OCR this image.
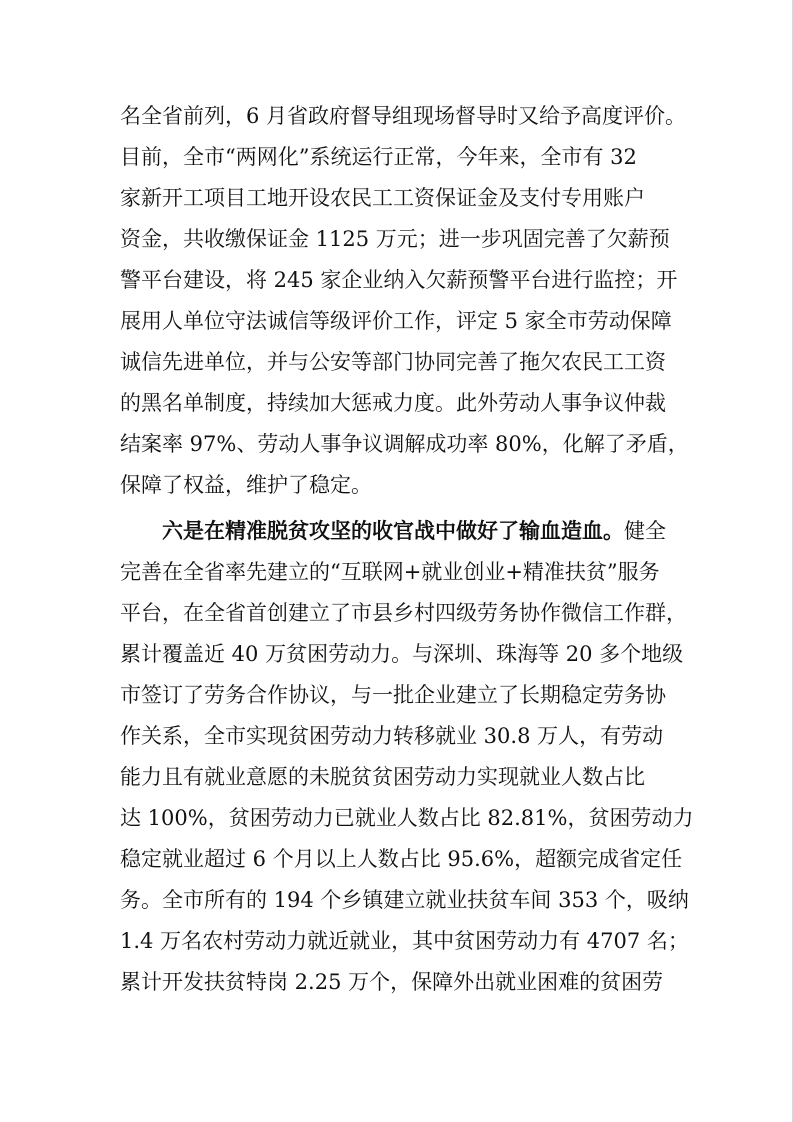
名全省前列，6 月省政府督导组现场督导时又给予高度评价。
目前，全市“两网化”系统运行正常，今年来，全市有 32
家新开工项目工地开设农民工工资保证金及支付专用账户
资金，共收缴保证金 1125 万元；进一步巩固完善了欠薪预
警平台建设，将 245 家企业纳入欠薪预警平台进行监控；开
展用人单位守法诚信等级评价工作，评定 5 家全市劳动保障
诚信先进单位，并与公安等部门协同完善了拖欠农民工工资
的黑名单制度，持续加大惩戒力度。此外劳动人事争议仲裁
结案率 97%、劳动人事争议调解成功率 80%，化解了矛盾，
保障了权益，维护了稳定。
六是在精准脱贫攻坚的收官战中做好了输血造血。健全
完善在全省率先建立的“互联网+就业创业+精准扶贫”服务
平台，在全省首创建立了市县乡村四级劳务协作微信工作群，
累计覆盖近 40 万贫困劳动力。与深圳、珠海等 20 多个地级
市签订了劳务合作协议，与一批企业建立了长期稳定劳务协
作关系，全市实现贫困劳动力转移就业 30.8 万人，有劳动
能力且有就业意愿的未脱贫贫困劳动力实现就业人数占比
达 100%，贫困劳动力已就业人数占比 82.81%，贫困劳动力
稳定就业超过 6 个月以上人数占比 95.6%，超额完成省定任
务。全市所有的 194 个乡镇建立就业扶贫车间 353 个，吸纳
1.4 万名农村劳动力就近就业，其中贫困劳动力有 4707 名；
累计开发扶贫特岗 2.25 万个，保障外出就业困难的贫困劳
